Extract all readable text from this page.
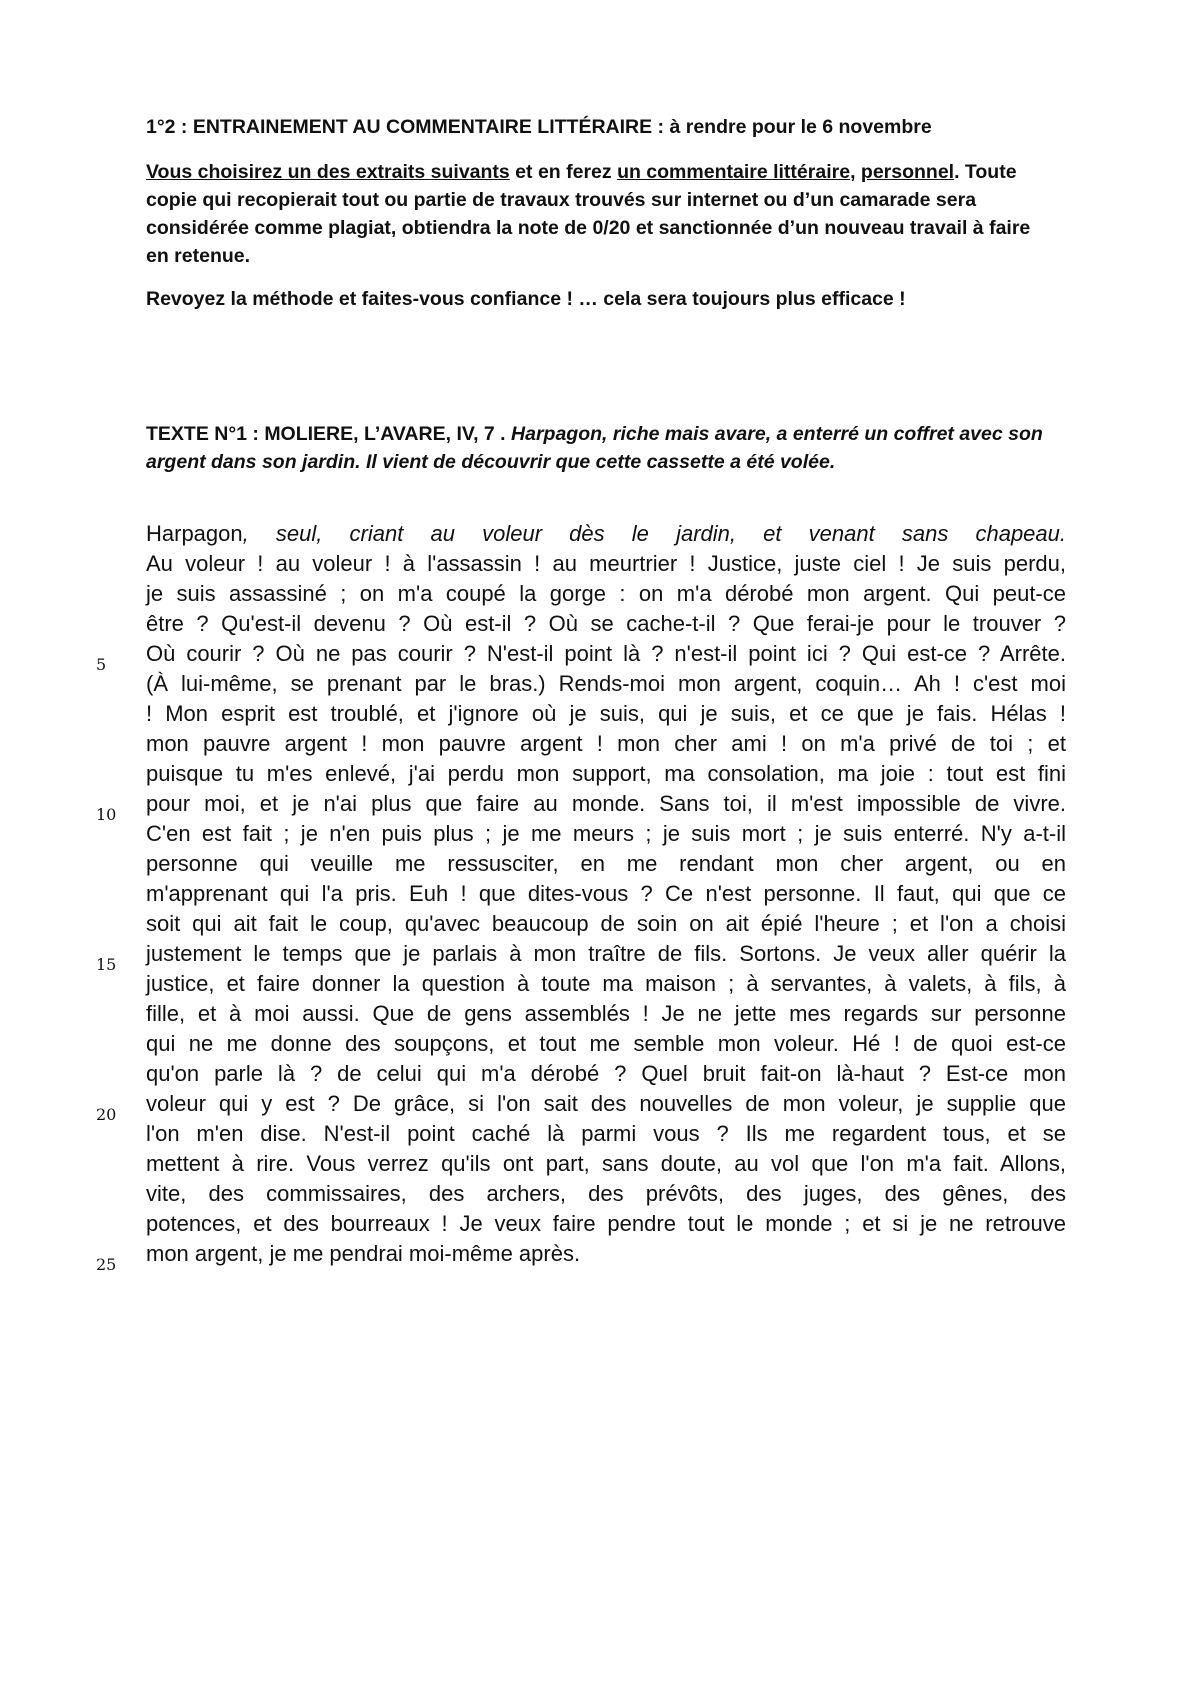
1°2 : ENTRAINEMENT AU COMMENTAIRE LITTÉRAIRE : à rendre pour le 6 novembre
Vous choisirez un des extraits suivants et en ferez un commentaire littéraire, personnel. Toute copie qui recopierait tout ou partie de travaux trouvés sur internet ou d’un camarade sera considérée comme plagiat, obtiendra la note de 0/20 et sanctionnée d’un nouveau travail à faire en retenue.
Revoyez la méthode et faites-vous confiance ! … cela sera toujours plus efficace !
TEXTE N°1 : MOLIERE, L’AVARE, IV, 7 . Harpagon, riche mais avare, a enterré un coffret avec son argent dans son jardin. Il vient de découvrir que cette cassette a été volée.
Harpagon, seul, criant au voleur dès le jardin, et venant sans chapeau.
Au voleur ! au voleur ! à l'assassin ! au meurtrier ! Justice, juste ciel ! Je suis perdu,
je suis assassiné ; on m'a coupé la gorge : on m'a dérobé mon argent. Qui peut-ce
être ? Qu'est-il devenu ? Où est-il ? Où se cache-t-il ? Que ferai-je pour le trouver ?
Où courir ? Où ne pas courir ? N'est-il point là ? n'est-il point ici ? Qui est-ce ? Arrête.
(À lui-même, se prenant par le bras.) Rends-moi mon argent, coquin… Ah ! c'est moi
! Mon esprit est troublé, et j'ignore où je suis, qui je suis, et ce que je fais. Hélas !
mon pauvre argent ! mon pauvre argent ! mon cher ami ! on m'a privé de toi ; et
puisque tu m'es enlevé, j'ai perdu mon support, ma consolation, ma joie : tout est fini
pour moi, et je n'ai plus que faire au monde. Sans toi, il m'est impossible de vivre.
C'en est fait ; je n'en puis plus ; je me meurs ; je suis mort ; je suis enterré. N'y a-t-il
personne qui veuille me ressusciter, en me rendant mon cher argent, ou en
m'apprenant qui l'a pris. Euh ! que dites-vous ? Ce n'est personne. Il faut, qui que ce
soit qui ait fait le coup, qu'avec beaucoup de soin on ait épié l'heure ; et l'on a choisi
justement le temps que je parlais à mon traître de fils. Sortons. Je veux aller quérir la
justice, et faire donner la question à toute ma maison ; à servantes, à valets, à fils, à
fille, et à moi aussi. Que de gens assemblés ! Je ne jette mes regards sur personne
qui ne me donne des soupçons, et tout me semble mon voleur. Hé ! de quoi est-ce
qu'on parle là ? de celui qui m'a dérobé ? Quel bruit fait-on là-haut ? Est-ce mon
voleur qui y est ? De grâce, si l'on sait des nouvelles de mon voleur, je supplie que
l'on m'en dise. N'est-il point caché là parmi vous ? Ils me regardent tous, et se
mettent à rire. Vous verrez qu'ils ont part, sans doute, au vol que l'on m'a fait. Allons,
vite, des commissaires, des archers, des prévôts, des juges, des gênes, des
potences, et des bourreaux ! Je veux faire pendre tout le monde ; et si je ne retrouve
mon argent, je me pendrai moi-même après.
5
10
15
20
25
